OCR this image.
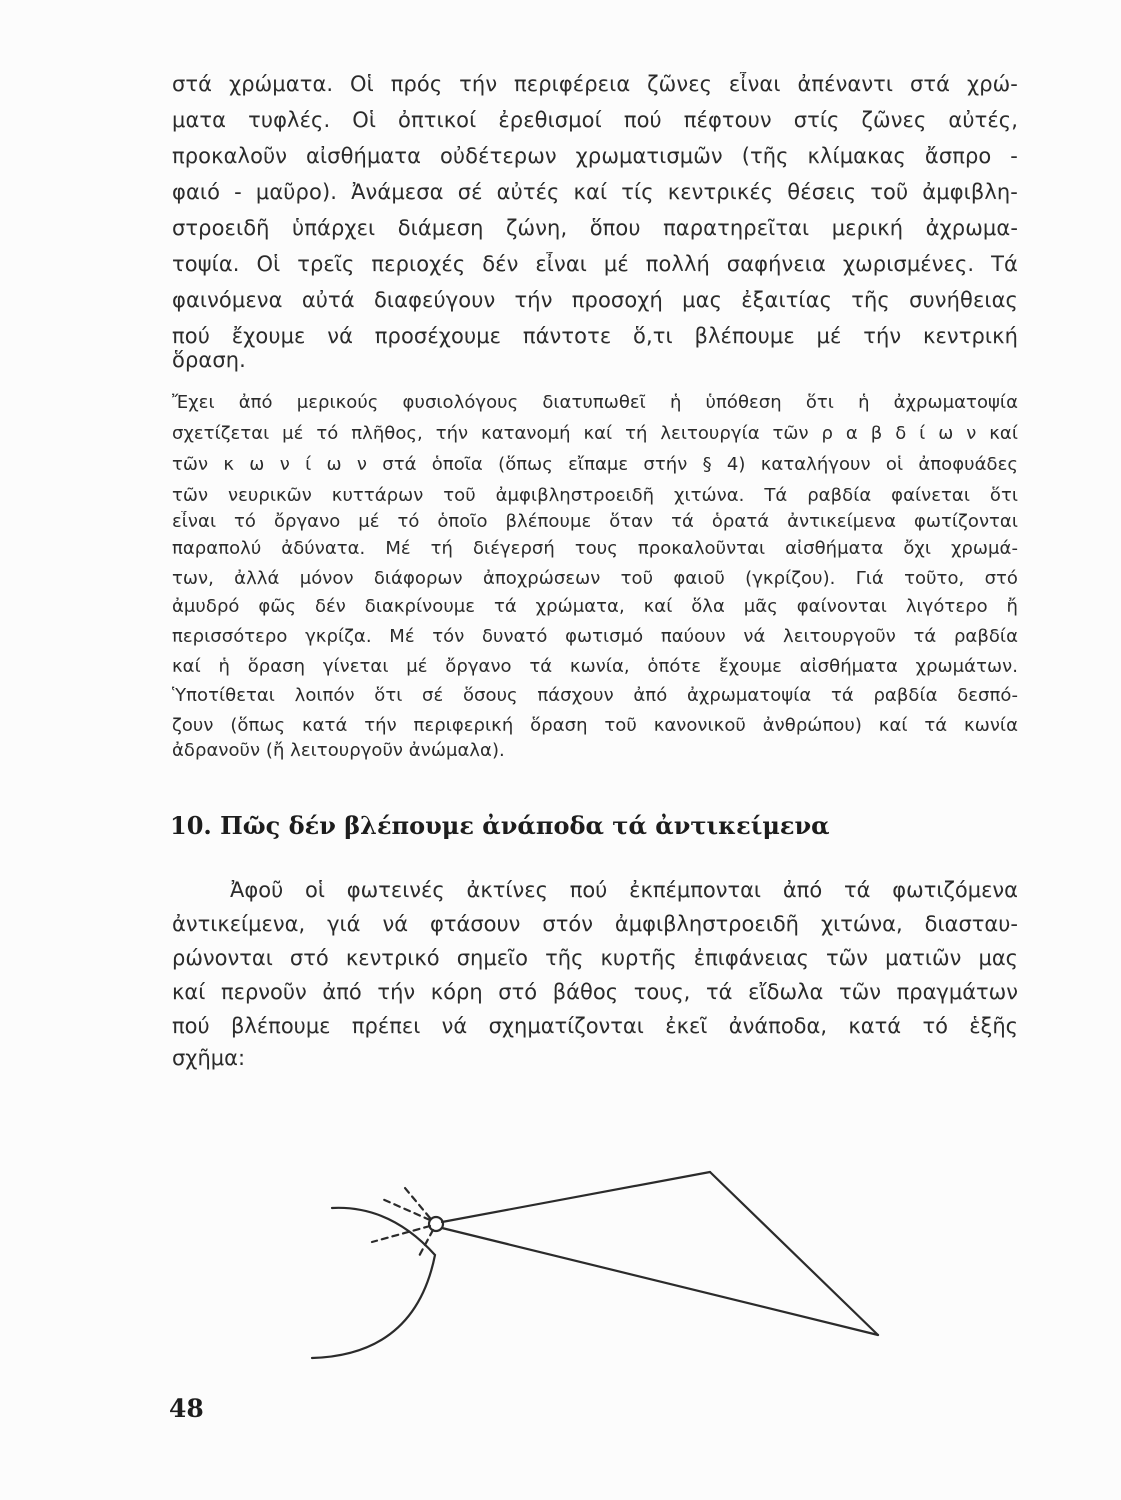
στά χρώματα. Οἱ πρός τήν περιφέρεια ζῶνες εἶναι ἀπέναντι στά χρώ-
ματα τυφλές. Οἱ ὀπτικοί ἐρεθισμοί πού πέφτουν στίς ζῶνες αὐτές,
προκαλοῦν αἰσθήματα οὐδέτερων χρωματισμῶν (τῆς κλίμακας ἄσπρο -
φαιό - μαῦρο). Ἀνάμεσα σέ αὐτές καί τίς κεντρικές θέσεις τοῦ ἀμφιβλη-
στροειδῆ ὑπάρχει διάμεση ζώνη, ὅπου παρατηρεῖται μερική ἀχρωμα-
τοψία. Οἱ τρεῖς περιοχές δέν εἶναι μέ πολλή σαφήνεια χωρισμένες. Τά
φαινόμενα αὐτά διαφεύγουν τήν προσοχή μας ἐξαιτίας τῆς συνήθειας
πού ἔχουμε νά προσέχουμε πάντοτε ὅ,τι βλέπουμε μέ τήν κεντρική
ὅραση.
Ἔχει ἀπό μερικούς φυσιολόγους διατυπωθεῖ ἡ ὑπόθεση ὅτι ἡ ἀχρωματοψία
σχετίζεται μέ τό πλῆθος, τήν κατανομή καί τή λειτουργία τῶν ρ α β δ ί ω ν καί
τῶν κ ω ν ί ω ν στά ὁποῖα (ὅπως εἴπαμε στήν § 4) καταλήγουν οἱ ἀποφυάδες
τῶν νευρικῶν κυττάρων τοῦ ἀμφιβληστροειδῆ χιτώνα. Τά ραβδία φαίνεται ὅτι
εἶναι τό ὄργανο μέ τό ὁποῖο βλέπουμε ὅταν τά ὁρατά ἀντικείμενα φωτίζονται
παραπολύ ἀδύνατα. Μέ τή διέγερσή τους προκαλοῦνται αἰσθήματα ὄχι χρωμά-
των, ἀλλά μόνον διάφορων ἀποχρώσεων τοῦ φαιοῦ (γκρίζου). Γιά τοῦτο, στό
ἀμυδρό φῶς δέν διακρίνουμε τά χρώματα, καί ὅλα μᾶς φαίνονται λιγότερο ἤ
περισσότερο γκρίζα. Μέ τόν δυνατό φωτισμό παύουν νά λειτουργοῦν τά ραβδία
καί ἡ ὅραση γίνεται μέ ὄργανο τά κωνία, ὁπότε ἔχουμε αἰσθήματα χρωμάτων.
Ὑποτίθεται λοιπόν ὅτι σέ ὅσους πάσχουν ἀπό ἀχρωματοψία τά ραβδία δεσπό-
ζουν (ὅπως κατά τήν περιφερική ὅραση τοῦ κανονικοῦ ἀνθρώπου) καί τά κωνία
ἀδρανοῦν (ἤ λειτουργοῦν ἀνώμαλα).
10. Πῶς δέν βλέπουμε ἀνάποδα τά ἀντικείμενα
Ἀφοῦ οἱ φωτεινές ἀκτίνες πού ἐκπέμπονται ἀπό τά φωτιζόμενα
ἀντικείμενα, γιά νά φτάσουν στόν ἀμφιβληστροειδῆ χιτώνα, διασταυ-
ρώνονται στό κεντρικό σημεῖο τῆς κυρτῆς ἐπιφάνειας τῶν ματιῶν μας
καί περνοῦν ἀπό τήν κόρη στό βάθος τους, τά εἴδωλα τῶν πραγμάτων
πού βλέπουμε πρέπει νά σχηματίζονται ἐκεῖ ἀνάποδα, κατά τό ἑξῆς
σχῆμα:
48
